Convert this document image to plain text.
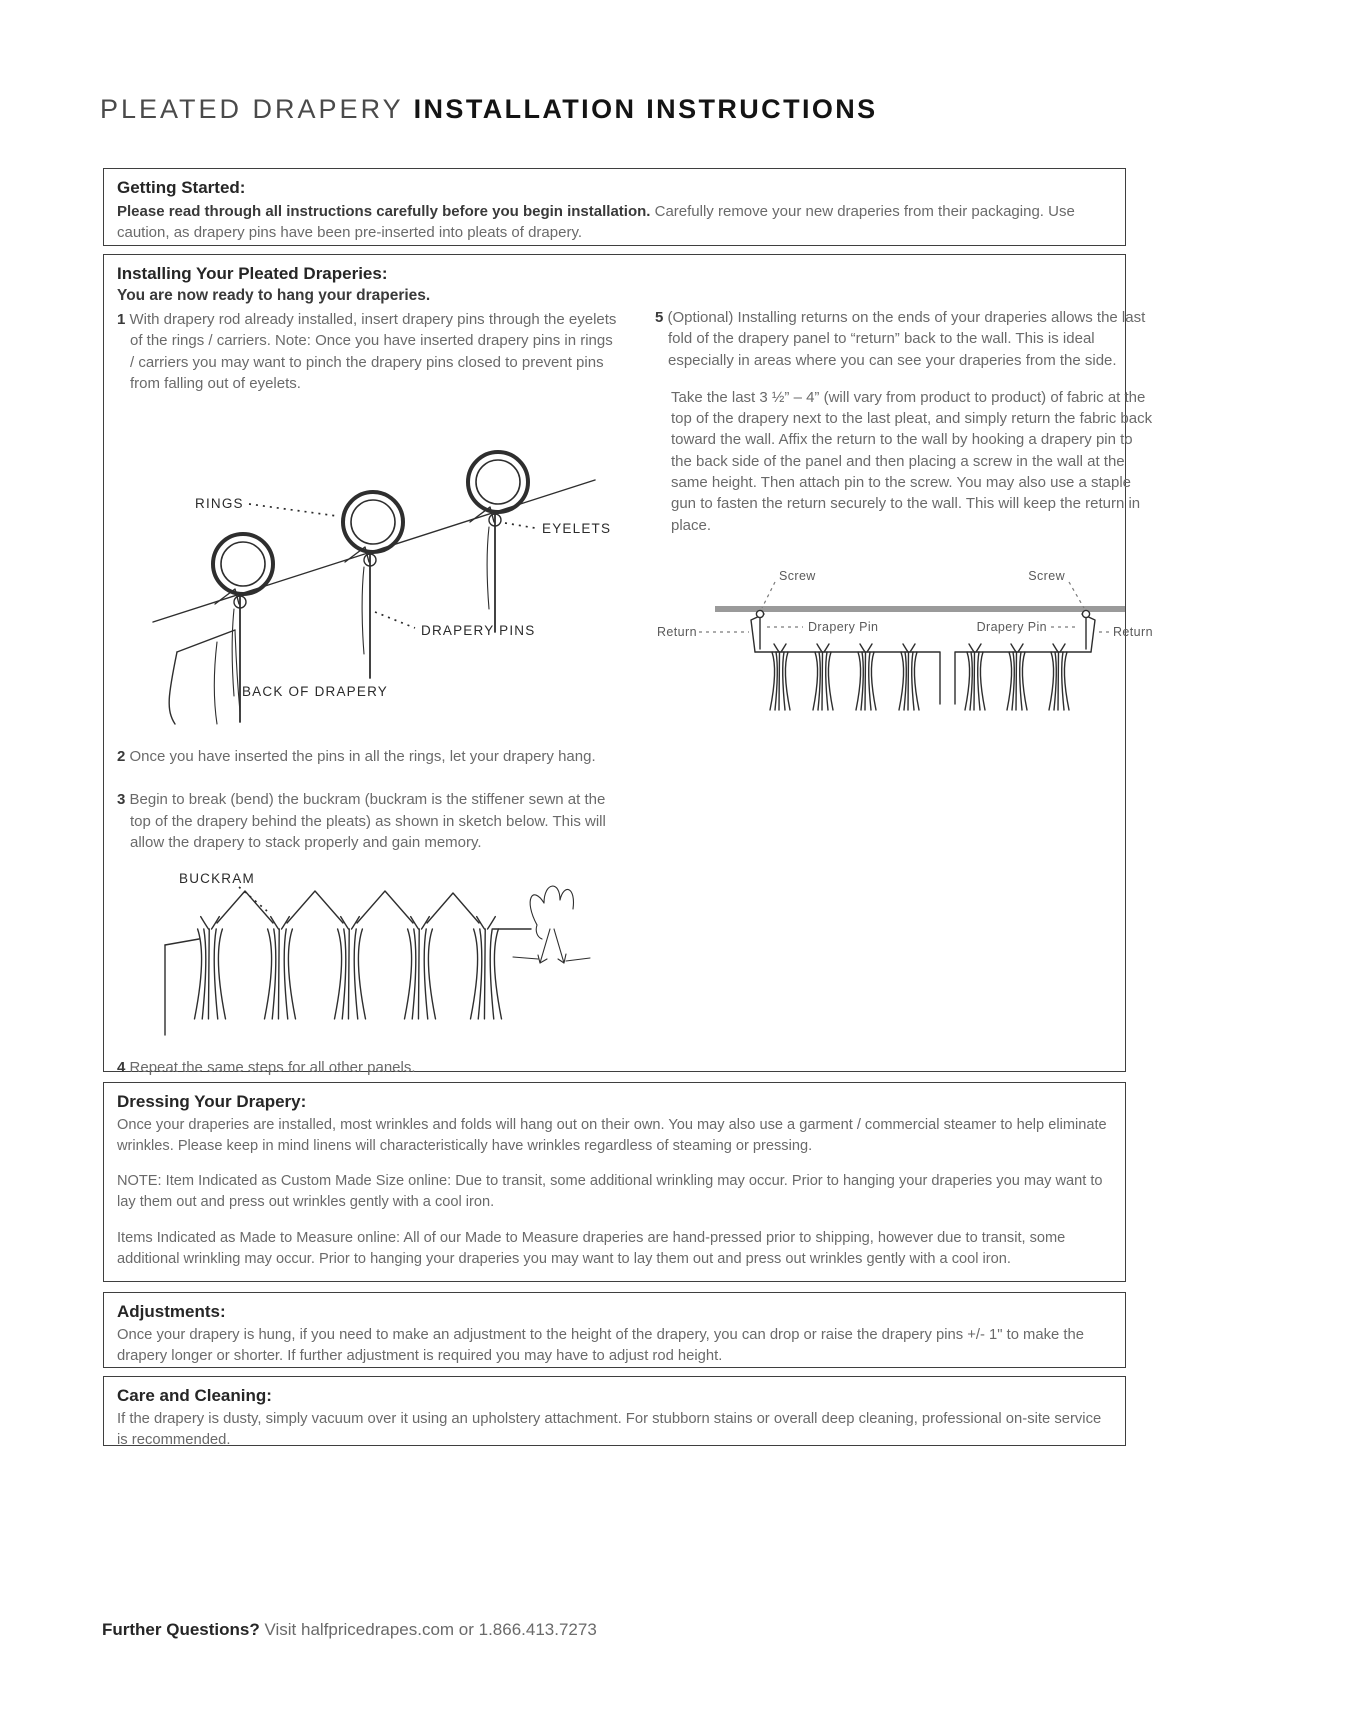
PLEATED DRAPERY INSTALLATION INSTRUCTIONS
Getting Started:

Please read through all instructions carefully before you begin installation. Carefully remove your new draperies from their packaging. Use caution, as drapery pins have been pre-inserted into pleats of drapery.

Installing Your Pleated Draperies:
You are now ready to hang your draperies.

1 With drapery rod already installed, insert drapery pins through the eyelets of the rings / carriers. Note: Once you have inserted drapery pins in rings / carriers you may want to pinch the drapery pins closed to prevent pins from falling out of eyelets.

RINGS
EYELETS
DRAPERY PINS
BACK OF DRAPERY

2 Once you have inserted the pins in all the rings, let your drapery hang.

3 Begin to break (bend) the buckram (buckram is the stiffener sewn at the top of the drapery behind the pleats) as shown in sketch below. This will allow the drapery to stack properly and gain memory.

BUCKRAM

4 Repeat the same steps for all other panels.

5 (Optional) Installing returns on the ends of your draperies allows the last fold of the drapery panel to “return” back to the wall. This is ideal especially in areas where you can see your draperies from the side.

Take the last 3 ½” – 4” (will vary from product to product) of fabric at the top of the drapery next to the last pleat, and simply return the fabric back toward the wall. Affix the return to the wall by hooking a drapery pin to the back side of the panel and then placing a screw in the wall at the same height. Then attach pin to the screw. You may also use a staple gun to fasten the return securely to the wall. This will keep the return in place.

Screw	Screw
Return	Return
Drapery Pin	Drapery Pin
Dressing Your Drapery:

Once your draperies are installed, most wrinkles and folds will hang out on their own. You may also use a garment / commercial steamer to help eliminate wrinkles. Please keep in mind linens will characteristically have wrinkles regardless of steaming or pressing.

NOTE: Item Indicated as Custom Made Size online: Due to transit, some additional wrinkling may occur. Prior to hanging your draperies you may want to lay them out and press out wrinkles gently with a cool iron.

Items Indicated as Made to Measure online: All of our Made to Measure draperies are hand-pressed prior to shipping, however due to transit, some additional wrinkling may occur. Prior to hanging your draperies you may want to lay them out and press out wrinkles gently with a cool iron.

Adjustments:

Once your drapery is hung, if you need to make an adjustment to the height of the drapery, you can drop or raise the drapery pins +/- 1" to make the drapery longer or shorter. If further adjustment is required you may have to adjust rod height.

Care and Cleaning:

If the drapery is dusty, simply vacuum over it using an upholstery attachment. For stubborn stains or overall deep cleaning, professional on-site service is recommended.

Further Questions? Visit halfpricedrapes.com or 1.866.413.7273
